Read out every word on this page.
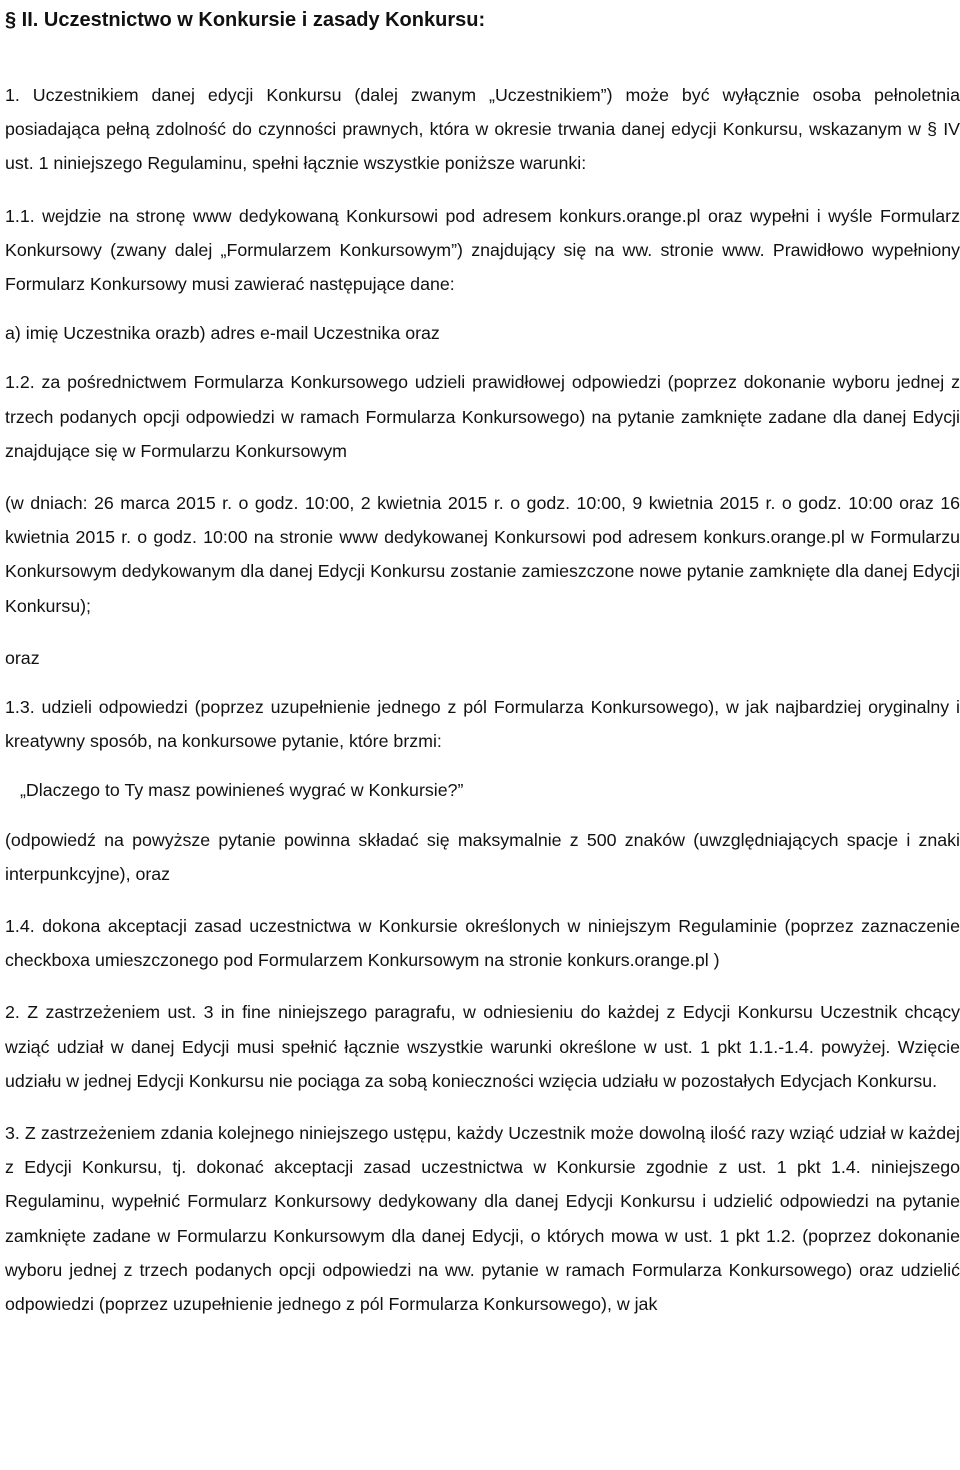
§ II. Uczestnictwo w Konkursie i zasady Konkursu:

1. Uczestnikiem danej edycji Konkursu (dalej zwanym „Uczestnikiem”) może być wyłącznie osoba pełnoletnia posiadająca pełną zdolność do czynności prawnych, która w okresie trwania danej edycji Konkursu, wskazanym w § IV ust. 1 niniejszego Regulaminu, spełni łącznie wszystkie poniższe warunki:

1.1. wejdzie na stronę www dedykowaną Konkursowi pod adresem konkurs.orange.pl oraz wypełni i wyśle Formularz Konkursowy (zwany dalej „Formularzem Konkursowym”) znajdujący się na ww. stronie www. Prawidłowo wypełniony Formularz Konkursowy musi zawierać następujące dane:

a) imię Uczestnika orazb) adres e-mail Uczestnika oraz

1.2. za pośrednictwem Formularza Konkursowego udzieli prawidłowej odpowiedzi (poprzez dokonanie wyboru jednej z trzech podanych opcji odpowiedzi w ramach Formularza Konkursowego) na pytanie zamknięte zadane dla danej Edycji znajdujące się w Formularzu Konkursowym

(w dniach: 26 marca 2015 r. o godz. 10:00, 2 kwietnia 2015 r. o godz. 10:00, 9 kwietnia 2015 r. o godz. 10:00 oraz 16 kwietnia 2015 r. o godz. 10:00 na stronie www dedykowanej Konkursowi pod adresem konkurs.orange.pl w Formularzu Konkursowym dedykowanym dla danej Edycji Konkursu zostanie zamieszczone nowe pytanie zamknięte dla danej Edycji Konkursu);

oraz

1.3. udzieli odpowiedzi (poprzez uzupełnienie jednego z pól Formularza Konkursowego), w jak najbardziej oryginalny i kreatywny sposób, na konkursowe pytanie, które brzmi:

„Dlaczego to Ty masz powinieneś wygrać w Konkursie?”

(odpowiedź na powyższe pytanie powinna składać się maksymalnie z 500 znaków (uwzględniających spacje i znaki interpunkcyjne), oraz

1.4. dokona akceptacji zasad uczestnictwa w Konkursie określonych w niniejszym Regulaminie (poprzez zaznaczenie checkboxa umieszczonego pod Formularzem Konkursowym na stronie konkurs.orange.pl )

2. Z zastrzeżeniem ust. 3 in fine niniejszego paragrafu, w odniesieniu do każdej z Edycji Konkursu Uczestnik chcący wziąć udział w danej Edycji musi spełnić łącznie wszystkie warunki określone w ust. 1 pkt 1.1.-1.4. powyżej. Wzięcie udziału w jednej Edycji Konkursu nie pociąga za sobą konieczności wzięcia udziału w pozostałych Edycjach Konkursu.

3. Z zastrzeżeniem zdania kolejnego niniejszego ustępu, każdy Uczestnik może dowolną ilość razy wziąć udział w każdej z Edycji Konkursu, tj. dokonać akceptacji zasad uczestnictwa w Konkursie zgodnie z ust. 1 pkt 1.4. niniejszego Regulaminu, wypełnić Formularz Konkursowy dedykowany dla danej Edycji Konkursu i udzielić odpowiedzi na pytanie zamknięte zadane w Formularzu Konkursowym dla danej Edycji, o których mowa w ust. 1 pkt 1.2. (poprzez dokonanie wyboru jednej z trzech podanych opcji odpowiedzi na ww. pytanie w ramach Formularza Konkursowego) oraz udzielić odpowiedzi (poprzez uzupełnienie jednego z pól Formularza Konkursowego), w jak
